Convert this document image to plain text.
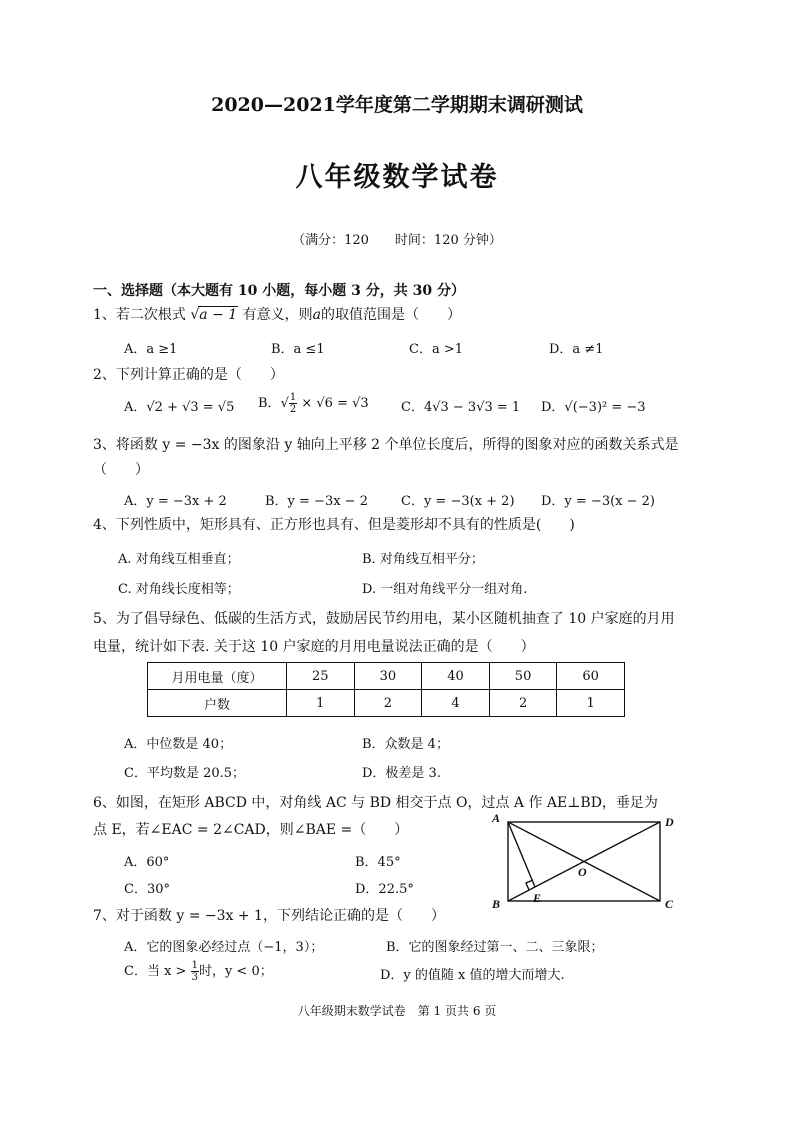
2020—2021学年度第二学期期末调研测试
八年级数学试卷
（满分：120　　时间：120 分钟）
一、选择题（本大题有 10 小题，每小题 3 分，共 30 分）
1、若二次根式 √a − 1 有意义，则a的取值范围是（　　）
A．a ≥1	B．a ≤1	C．a >1	D．a ≠1
2、下列计算正确的是（　　）
A．√2 + √3 = √5 B．√ $\frac{1}{2} \times √6 = √3$ C．4√3 − 3√3 = 1 D．√(−3)² = −3
3、将函数 y = −3x 的图象沿 y 轴向上平移 2 个单位长度后，所得的图象对应的函数关系式是
（　　）
A．y = −3x + 2	B．y = −3x − 2	C．y = −3(x + 2) D．y = −3(x − 2)
4、下列性质中，矩形具有、正方形也具有、但是菱形却不具有的性质是(　　)
A. 对角线互相垂直；	B. 对角线互相平分；
C. 对角线长度相等；	D. 一组对角线平分一组对角.
5、为了倡导绿色、低碳的生活方式，鼓励居民节约用电，某小区随机抽查了 10 户家庭的月用
电量，统计如下表. 关于这 10 户家庭的月用电量说法正确的是（　　）
月用电量（度）	25	30	40	50	60
户数	1	2	4	2	1
A．中位数是 40；	B．众数是 4；
C．平均数是 20.5；	D．极差是 3.
6、如图，在矩形 ABCD 中，对角线 AC 与 BD 相交于点 O，过点 A 作 AE⊥BD，垂足为
点 E，若∠EAC = 2∠CAD，则∠BAE =（　　）
A．60°	B．45°
C．30°	D．22.5°
A	D
O
B	E	C
7、对于函数 y = −3x + 1，下列结论正确的是（　　）
A．它的图象必经过点（−1，3）；	B．它的图象经过第一、二、三象限；
C．当 $x > \frac{1}{3}$ 时，y < 0；	D．y 的值随 x 值的增大而增大.
八年级期末数学试卷　第 1 页共 6 页
